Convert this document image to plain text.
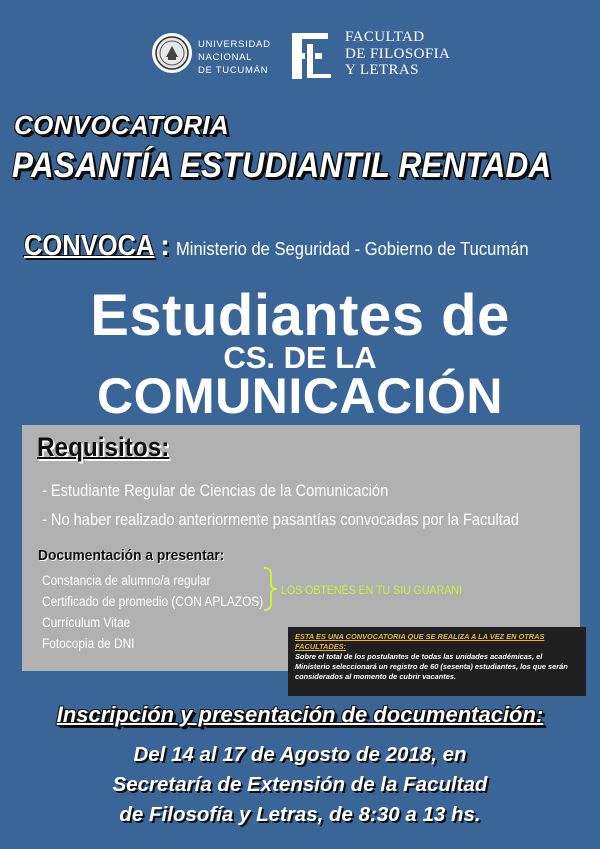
UNIVERSIDAD
NACIONAL
DE TUCUMÁN
FACULTAD
DE FILOSOFIA
Y LETRAS
CONVOCATORIA
PASANTÍA ESTUDIANTIL RENTADA
CONVOCA : Ministerio de Seguridad - Gobierno de Tucumán
Estudiantes de
CS. DE LA
COMUNICACIÓN
Requisitos:
- Estudiante Regular de Ciencias de la Comunicación
- No haber realizado anteriormente pasantías convocadas por la Facultad
Documentación a presentar:
Constancia de alumno/a regular
Certificado de promedio (CON APLAZOS)
Currículum Vitae
Fotocopia de DNI
LOS OBTENÉS EN TU SIU GUARANI
ESTA ES UNA CONVOCATORIA QUE SE REALIZA A LA VEZ EN OTRAS FACULTADES:
Sobre el total de los postulantes de todas las unidades académicas, el Ministerio seleccionará un registro de 60 (sesenta) estudiantes, los que serán considerados al momento de cubrir vacantes.
Inscripción y presentación de documentación:
Del 14 al 17 de Agosto de 2018, en
Secretaría de Extensión de la Facultad
de Filosofía y Letras, de 8:30 a 13 hs.
